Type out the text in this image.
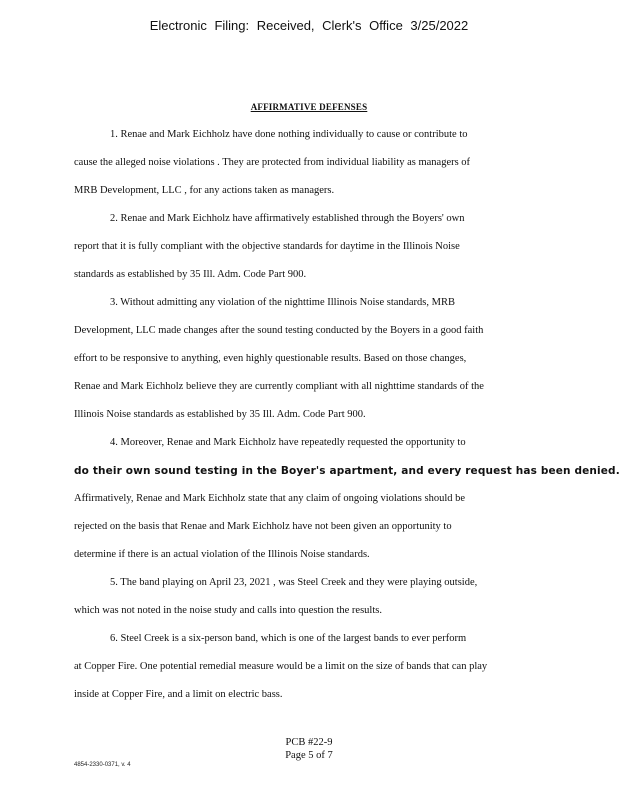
Electronic Filing: Received, Clerk's Office 3/25/2022
AFFIRMATIVE DEFENSES
1. Renae and Mark Eichholz have done nothing individually to cause or contribute to
cause the alleged noise violations . They are protected from individual liability as managers of
MRB Development, LLC , for any actions taken as managers.
2. Renae and Mark Eichholz have affirmatively established through the Boyers' own
report that it is fully compliant with the objective standards for daytime in the Illinois Noise
standards as established by 35 Ill. Adm. Code Part 900.
3. Without admitting any violation of the nighttime Illinois Noise standards, MRB
Development, LLC made changes after the sound testing conducted by the Boyers in a good faith
effort to be responsive to anything, even highly questionable results. Based on those changes,
Renae and Mark Eichholz believe they are currently compliant with all nighttime standards of the
Illinois Noise standards as established by 35 Ill. Adm. Code Part 900.
4. Moreover, Renae and Mark Eichholz have repeatedly requested the opportunity to
do their own sound testing in the Boyer's apartment, and every request has been denied.
Affirmatively, Renae and Mark Eichholz state that any claim of ongoing violations should be
rejected on the basis that Renae and Mark Eichholz have not been given an opportunity to
determine if there is an actual violation of the Illinois Noise standards.
5. The band playing on April 23, 2021 , was Steel Creek and they were playing outside,
which was not noted in the noise study and calls into question the results.
6. Steel Creek is a six-person band, which is one of the largest bands to ever perform
at Copper Fire. One potential remedial measure would be a limit on the size of bands that can play
inside at Copper Fire, and a limit on electric bass.
PCB #22-9
Page 5 of 7
4854-2330-0371, v. 4
